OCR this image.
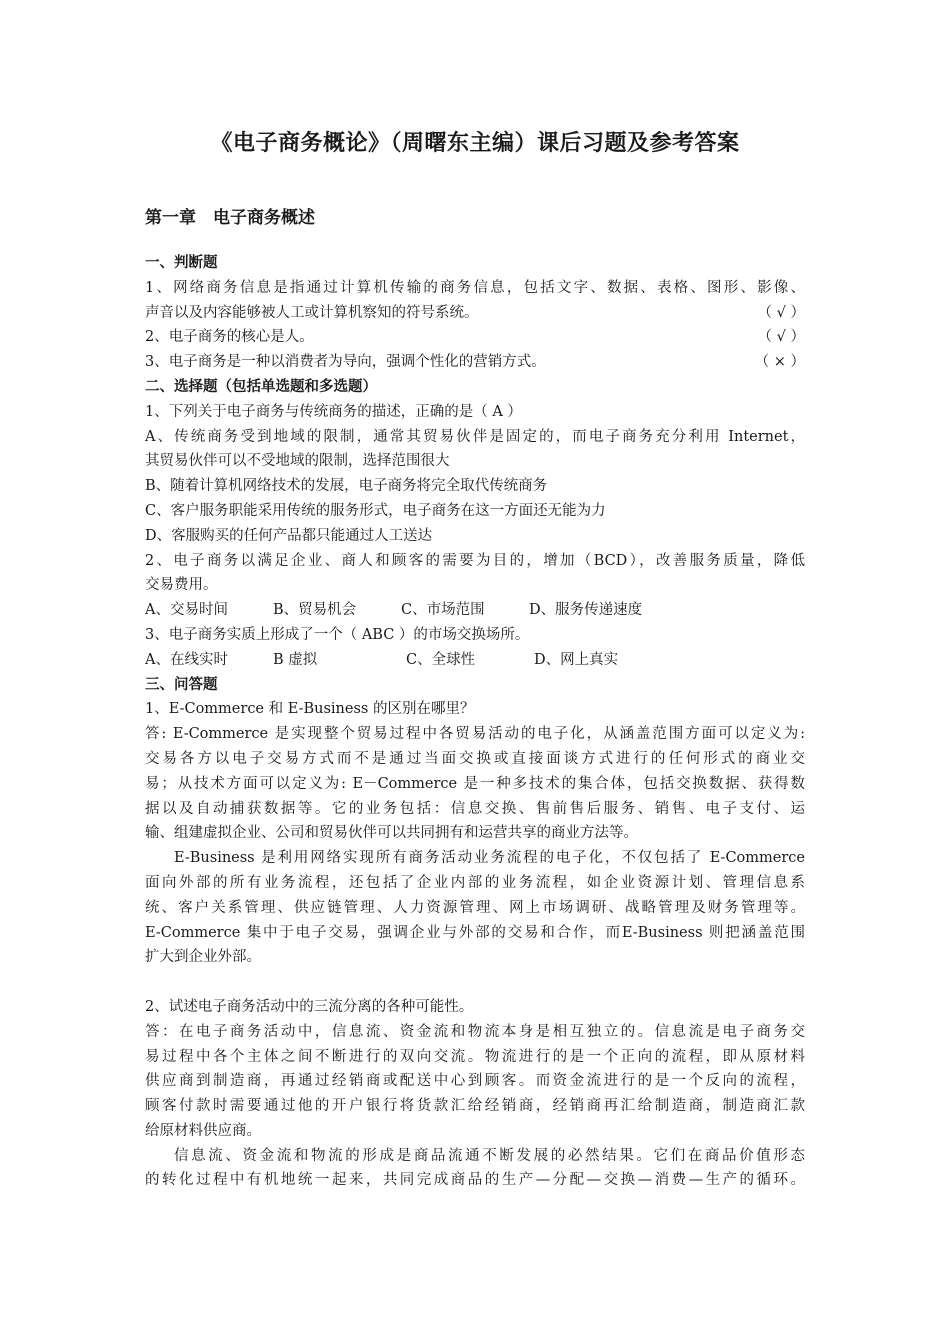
《电子商务概论》（周曙东主编）课后习题及参考答案
第一章　电子商务概述
一、判断题
1、网络商务信息是指通过计算机传输的商务信息，包括文字、数据、表格、图形、影像、
声音以及内容能够被人工或计算机察知的符号系统。	（ √ ）
2、电子商务的核心是人。	（ √ ）
3、电子商务是一种以消费者为导向，强调个性化的营销方式。	（ × ）
二、选择题（包括单选题和多选题）
1、下列关于电子商务与传统商务的描述，正确的是（ A ）
A、传统商务受到地域的限制，通常其贸易伙伴是固定的，而电子商务充分利用 Internet，
其贸易伙伴可以不受地域的限制，选择范围很大
B、随着计算机网络技术的发展，电子商务将完全取代传统商务
C、客户服务职能采用传统的服务形式，电子商务在这一方面还无能为力
D、客服购买的任何产品都只能通过人工送达
2、电子商务以满足企业、商人和顾客的需要为目的，增加（BCD），改善服务质量，降低
交易费用。
A、交易时间	B、贸易机会	C、市场范围	D、服务传递速度
3、电子商务实质上形成了一个（ ABC ）的市场交换场所。
A、在线实时	B 虚拟	C、全球性	D、网上真实
三、问答题
1、E-Commerce 和 E-Business 的区别在哪里？
答: E-Commerce 是实现整个贸易过程中各贸易活动的电子化，从涵盖范围方面可以定义为:
交易各方以电子交易方式而不是通过当面交换或直接面谈方式进行的任何形式的商业交
易；从技术方面可以定义为: E－Commerce 是一种多技术的集合体，包括交换数据、获得数
据以及自动捕获数据等。它的业务包括：信息交换、售前售后服务、销售、电子支付、运
输、组建虚拟企业、公司和贸易伙伴可以共同拥有和运营共享的商业方法等。
E-Business 是利用网络实现所有商务活动业务流程的电子化，不仅包括了 E-Commerce
面向外部的所有业务流程，还包括了企业内部的业务流程，如企业资源计划、管理信息系
统、客户关系管理、供应链管理、人力资源管理、网上市场调研、战略管理及财务管理等。
E-Commerce 集中于电子交易，强调企业与外部的交易和合作，而E-Business 则把涵盖范围
扩大到企业外部。
2、试述电子商务活动中的三流分离的各种可能性。
答：在电子商务活动中，信息流、资金流和物流本身是相互独立的。信息流是电子商务交
易过程中各个主体之间不断进行的双向交流。物流进行的是一个正向的流程，即从原材料
供应商到制造商，再通过经销商或配送中心到顾客。而资金流进行的是一个反向的流程，
顾客付款时需要通过他的开户银行将货款汇给经销商，经销商再汇给制造商，制造商汇款
给原材料供应商。
信息流、资金流和物流的形成是商品流通不断发展的必然结果。它们在商品价值形态
的转化过程中有机地统一起来，共同完成商品的生产—分配—交换—消费—生产的循环。
